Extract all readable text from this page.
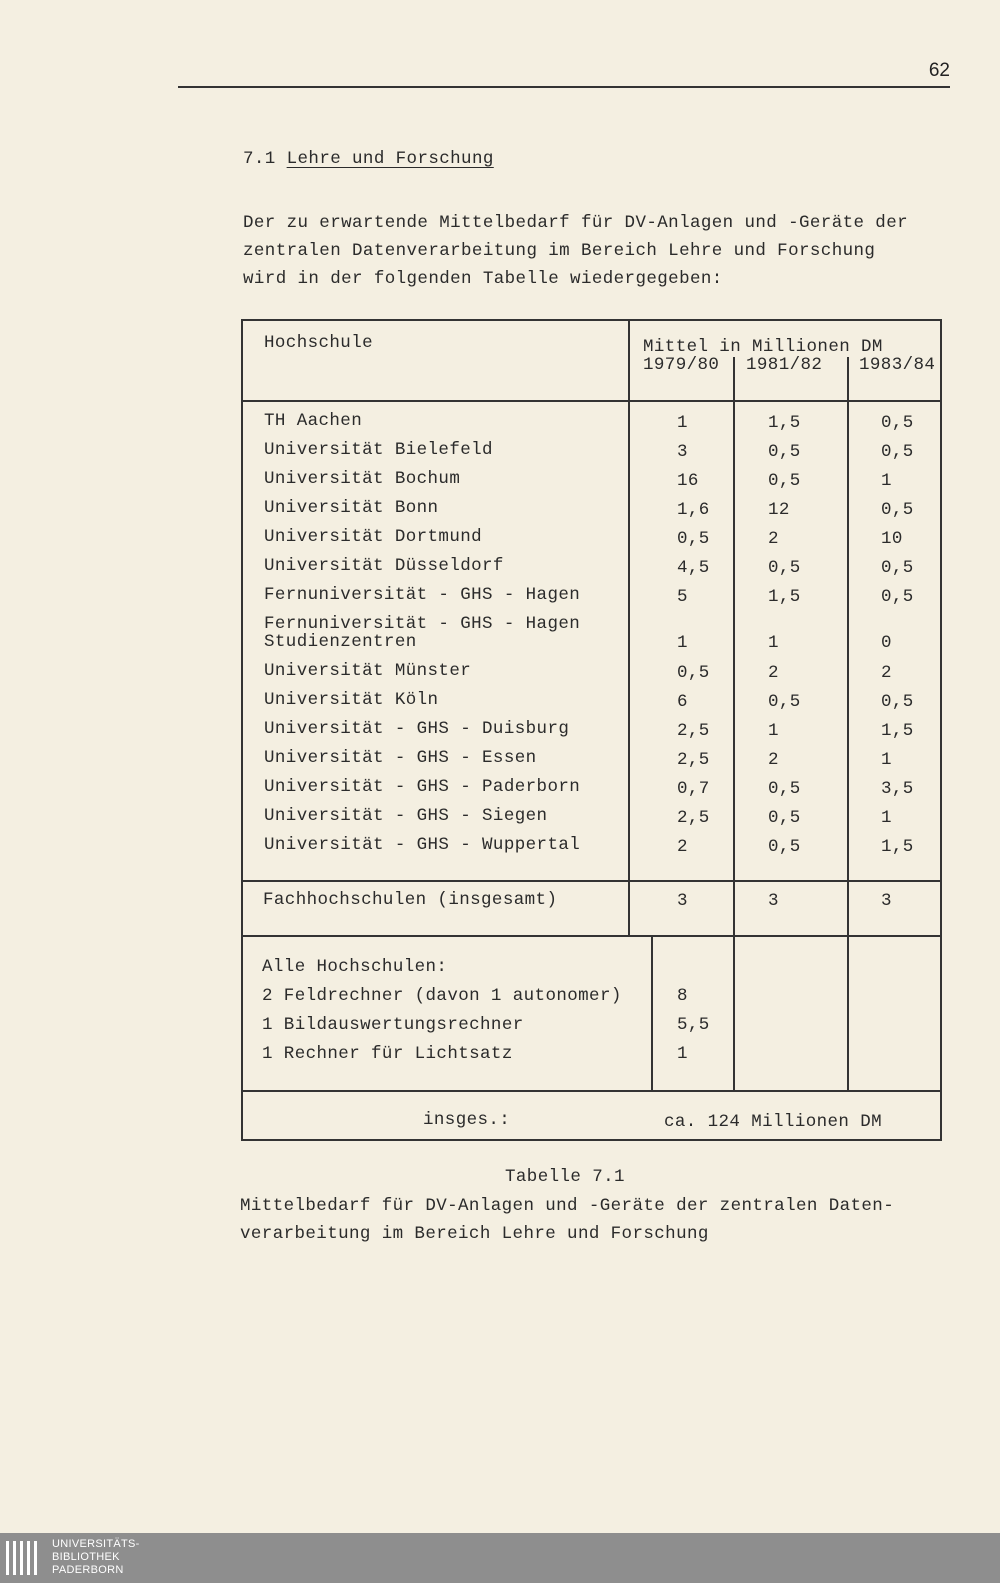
62
7.1 Lehre und Forschung
Der zu erwartende Mittelbedarf für DV-Anlagen und -Geräte der
zentralen Datenverarbeitung im Bereich Lehre und Forschung
wird in der folgenden Tabelle wiedergegeben:
Hochschule	Mittel in Millionen DM
1979/80 1981/82 1983/84
TH Aachen	1	1,5	0,5
Universität Bielefeld	3	0,5	0,5
Universität Bochum	16	0,5	1
Universität Bonn	1,6	12	0,5
Universität Dortmund	0,5	2	10
Universität Düsseldorf	4,5	0,5	0,5
Fernuniversität - GHS - Hagen	5	1,5	0,5
Fernuniversität - GHS - Hagen
Studienzentren	1	1	0
Universität Münster	0,5	2	2
Universität Köln	6	0,5	0,5
Universität - GHS - Duisburg	2,5	1	1,5
Universität - GHS - Essen	2,5	2	1
Universität - GHS - Paderborn	0,7	0,5	3,5
Universität - GHS - Siegen	2,5	0,5	1
Universität - GHS - Wuppertal	2	0,5	1,5
Fachhochschulen (insgesamt)	3	3	3
Alle Hochschulen:
2 Feldrechner (davon 1 autonomer)	8
1 Bildauswertungsrechner	5,5
1 Rechner für Lichtsatz	1
insges.:	ca. 124 Millionen DM
Tabelle 7.1
Mittelbedarf für DV-Anlagen und -Geräte der zentralen Daten-
verarbeitung im Bereich Lehre und Forschung
UNIVERSITÄTS-
BIBLIOTHEK
PADERBORN
